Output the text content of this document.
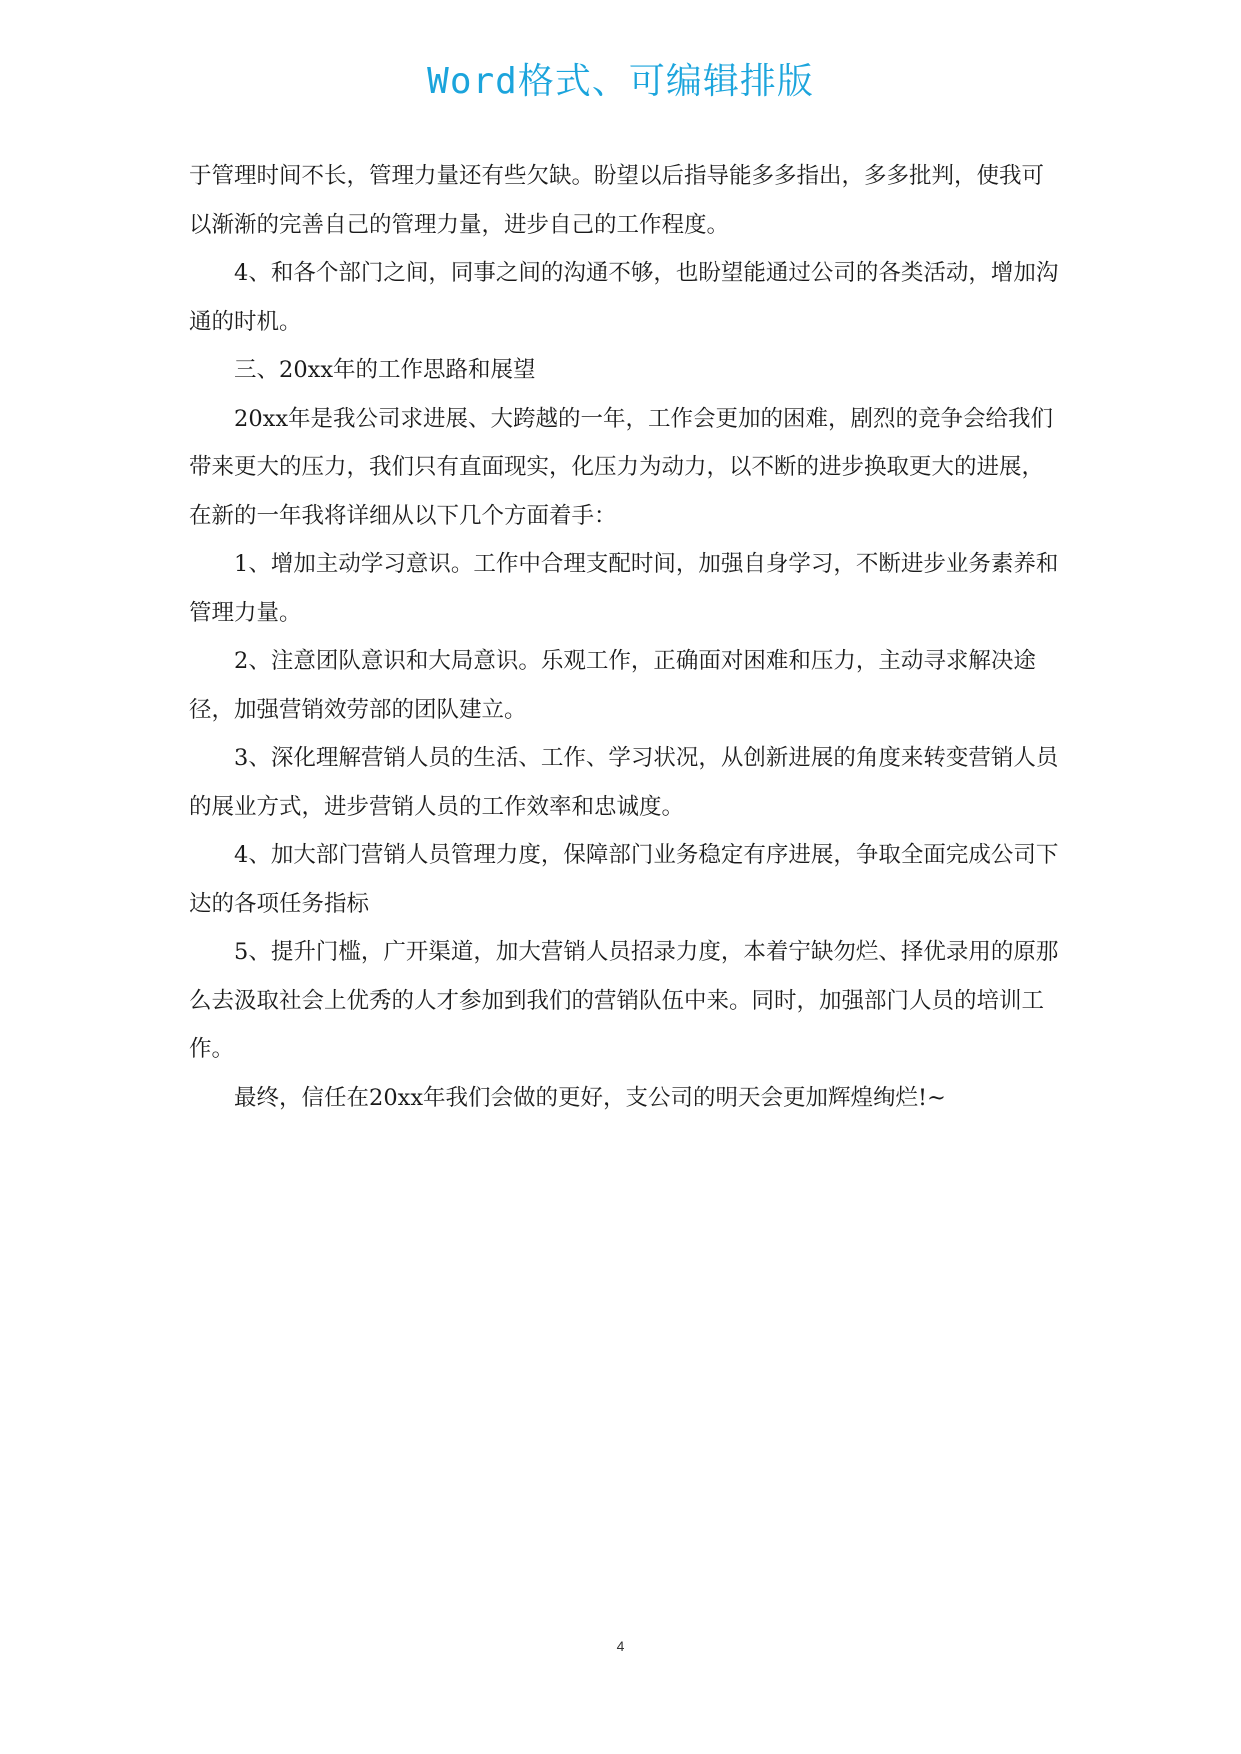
Word格式、可编辑排版

于管理时间不长，管理力量还有些欠缺。盼望以后指导能多多指出，多多批判，使我可以渐渐的完善自己的管理力量，进步自己的工作程度。

4、和各个部门之间，同事之间的沟通不够，也盼望能通过公司的各类活动，增加沟通的时机。

三、20xx年的工作思路和展望

20xx年是我公司求进展、大跨越的一年，工作会更加的困难，剧烈的竞争会给我们带来更大的压力，我们只有直面现实，化压力为动力，以不断的进步换取更大的进展，在新的一年我将详细从以下几个方面着手：

1、增加主动学习意识。工作中合理支配时间，加强自身学习，不断进步业务素养和管理力量。

2、注意团队意识和大局意识。乐观工作，正确面对困难和压力，主动寻求解决途径，加强营销效劳部的团队建立。

3、深化理解营销人员的生活、工作、学习状况，从创新进展的角度来转变营销人员的展业方式，进步营销人员的工作效率和忠诚度。

4、加大部门营销人员管理力度，保障部门业务稳定有序进展，争取全面完成公司下达的各项任务指标

5、提升门槛，广开渠道，加大营销人员招录力度，本着宁缺勿烂、择优录用的原那么去汲取社会上优秀的人才参加到我们的营销队伍中来。同时，加强部门人员的培训工作。

最终，信任在20xx年我们会做的更好，支公司的明天会更加辉煌绚烂!~

4
